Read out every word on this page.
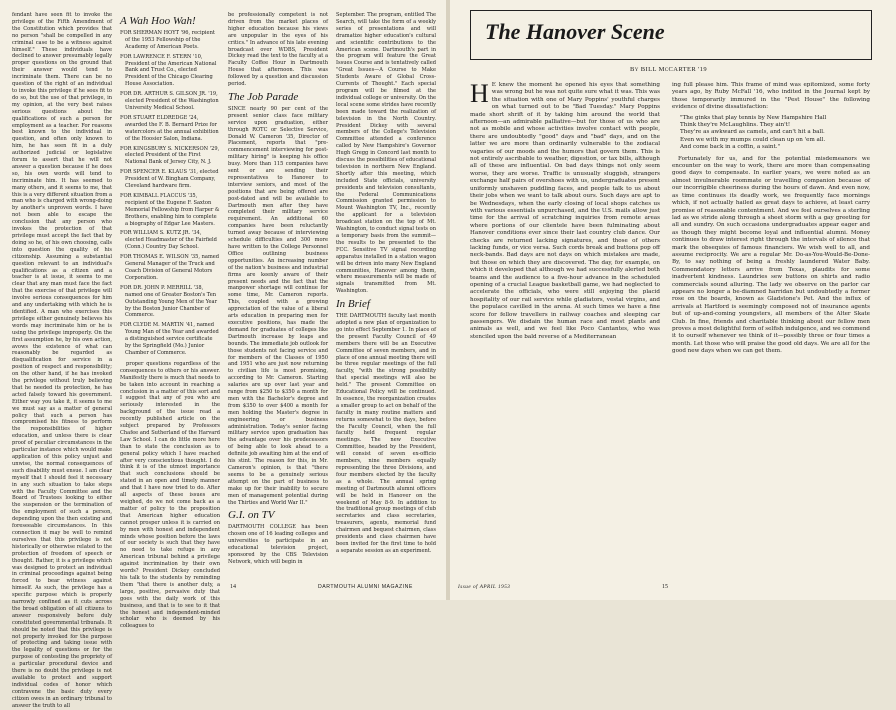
fendant have seen fit to invoke the privilege of the Fifth Amendment of the Constitution which provides that no person "shall be compelled in any criminal case to be a witness against himself." These individuals have declined to answer presumably legally proper questions on the ground that their answer would tend to incriminate them. There can be no question of the right of an individual to invoke this privilege if he sees fit to do so, but the use of that privilege, in my opinion, at the very best raises serious questions about the qualifications of such a person for employment as a teacher. For reasons best known to the individual in question, and often only known to him, he has seen fit in a duly authorized judicial or legislative forum to assert that he will not answer a question because if he does so, his own words will tend to incriminate him. It has seemed to many others, and it seems to me, that this is a very different situation from a man who is charged with wrong-doing by another's unproven words. I have not been able to escape the conclusion that any person who invokes the protection of that privilege must accept the fact that by doing so he, of his own choosing, calls into question the quality of his citizenship. Assuming a substantial question relevant to an individual's qualifications as a citizen and a teacher is at issue, it seems to me clear that any man must face the fact that the exercise of that privilege will involve serious consequences for him and any undertaking with which he is identified. A man who exercises this privilege either genuinely believes his words may incriminate him or he is using the privilege improperly. On the first assumption he, by his own action, avows the existence of what can reasonably be regarded as disqualification for service in a position of respect and responsibility; on the other hand, if he has invoked the privilege without truly believing that he needed its protection, he has acted falsely toward his government. Either way you take it, it seems to me we must say as a matter of general policy that such a person has compromised his fitness to perform the responsibilities of higher education, and unless there is clear proof of peculiar circumstances in the particular instance which would make application of this policy unjust and unwise, the normal consequences of such disability must ensue. I am clear myself that I should feel it necessary in any such situation to take steps with the Faculty Committee and the Board of Trustees looking to either the suspension or the termination of the employment of such a person, depending upon the then existing and foreseeable circumstances. In this connection it may be well to remind ourselves that this privilege is not historically or otherwise related to the protection of freedom of speech or thought. Rather, it is a privilege which was designed to protect an individual in criminal proceedings against being forced to bear witness against himself. As such, the privilege has a specific purpose which is properly narrowly confined as it cuts across the broad obligation of all citizens to answer responsively before duly constituted governmental tribunals. It should be noted that this privilege is not properly invoked for the purpose of protecting and taking issue with the legality of questions or for the purpose of contesting the propriety of a particular procedural device and there is no doubt the privilege is not available to protect and support individual codes of honor which contravene the basic duty every citizen owes in an ordinary tribunal to answer the truth to all

A Wah Hoo Wah!
FOR SHERMAN HOYT '96, recipient of the 1953 Fellowship of the Academy of American Poets.
FOR LAWRENCE F. STERN '10, President of the American National Bank and Trust Co., elected President of the Chicago Clearing House Association.
FOR DR. ARTHUR S. GILSON JR. '19, elected President of the Washington University Medical School.
FOR STUART ELDREDGE '24, awarded the F. B. Bernard Prize for watercolors at the annual exhibition of the Hoosier Salon, Indiana.
FOR KINGSBURY S. NICKERSON '29, elected President of the First National Bank of Jersey City, N. J.
FOR SPENCER E. KLAUS '31, elected President of W. Bingham Company, Cleveland hardware firm.
FOR KIMBALL FLACCUS '35, recipient of the Eugene F. Saxton Memorial Fellowship from Harper & Brothers, enabling him to complete a biography of Edgar Lee Masters.
FOR WILLIAM S. KUTZ JR. '34, elected Headmaster of the Fairfield (Conn.) Country Day School.
FOR THOMAS E. WILSON '35, named General Manager of the Truck and Coach Division of General Motors Corporation.
FOR DR. JOHN P. MERRILL '38, named one of Greater Boston's Ten Outstanding Young Men of the Year by the Boston Junior Chamber of Commerce.
FOR CLYDE M. MARTIN '41, named Young Man of the Year and awarded a distinguished service certificate by the Springfield (Mo.) Junior Chamber of Commerce.

proper questions regardless of the consequences to others or his answer. Manifestly there is much that needs to be taken into account in reaching a conclusion in a matter of this sort and I suggest that any of you who are seriously interested in the background of the issue read a recently published article on the subject prepared by Professors Chafee and Sutherland of the Harvard Law School. I can do little more here than to state the conclusion as to general policy which I have reached after very conscientious thought. I do think it is of the utmost importance that such conclusions should be stated in an open and timely manner and that I have now tried to do. After all aspects of these issues are weighed, do we not come back as a matter of policy to the proposition that American higher education cannot prosper unless it is carried on by men with honest and independent minds whose position before the laws of our society is such that they have no need to take refuge in any American tribunal behind a privilege against incrimination by their own words? President Dickey concluded his talk to the students by reminding them "that there is another duty, a large, positive, pervasive duty that goes with the daily work of this business, and that is to see to it that the honest and independent-minded scholar who is deemed by his colleagues to

be professionally competent is not driven from the market places of higher education because his views are unpopular in the eyes of his critics." In advance of his late evening broadcast over WDBS, President Dickey read the text to the faculty at a Faculty Coffee Hour in Dartmouth House that afternoon. This was followed by a question and discussion period.

The Job Parade

SINCE nearly 90 per cent of the present senior class face military service upon graduation, either through ROTC or Selective Service, Donald W. Cameron '35, Director of Placement, reports that "pre-commencement interviewing for post-military hiring" is keeping his office busy. More than 115 companies have sent or are sending their representatives to Hanover to interview seniors, and most of the positions that are being offered are post-dated and will be available to Dartmouth men after they have completed their military service requirement. An additional 60 companies have been reluctantly turned away because of interviewing schedule difficulties and 300 more have written to the College Personnel Office outlining business opportunities. An increasing number of the nation's business and industrial firms are keenly aware of their present needs and the fact that the manpower shortage will continue for some time, Mr. Cameron reports. This, coupled with a growing appreciation of the value of a liberal arts education in preparing men for executive positions, has made the demand for graduates of colleges like Dartmouth increase by leaps and bounds. The immediate job outlook for those students not facing service and for members of the Classes of 1950 and 1951 who are just now returning to civilian life is most promising, according to Mr. Cameron. Starting salaries are up over last year and range from $250 to $350 a month for men with the Bachelor's degree and from $350 to over $400 a month for men holding the Master's degree in engineering or business administration. Today's senior facing military service upon graduation has the advantage over his predecessors of being able to look ahead to a definite job awaiting him at the end of his stint. The reason for this, in Mr. Cameron's opinion, is that "there seems to be a genuinely serious attempt on the part of business to make up for their inability to secure men of management potential during the Thirties and World War II."

G.I. on TV

DARTMOUTH COLLEGE has been chosen one of 16 leading colleges and universities to participate in an educational television project, sponsored by the CBS Television Network, which will begin in

September. The program, entitled The Search, will take the form of a weekly series of presentations and will dramatize higher education's cultural and scientific contributions to the American scene. Dartmouth's part in the program will feature the Great Issues Course and is tentatively called "Great Issues—A Course to Make Students Aware of Global Cross-Currents of Thought." Each special program will be filmed at the individual college or university. On the local scene some strides have recently been made toward the realization of television in the North Country. President Dickey with several members of the College's Television Committee attended a conference called by New Hampshire's Governor Hugh Gregg in Concord last month to discuss the possibilities of educational television in northern New England. Shortly after this meeting, which included State officials, university presidents and television consultants, the Federal Communications Commission granted permission to Mount Washington TV, Inc., recently the applicant for a television broadcast station on the top of Mt. Washington, to conduct signal tests on a temporary basis from the summit—the results to be presented to the FCC. Sensitive TV signal recording apparatus installed in a station wagon will be driven into many New England communities, Hanover among them, where measurements will be made of signals transmitted from Mt. Washington.

In Brief

THE DARTMOUTH faculty last month adopted a new plan of organization to go into effect September 1. In place of the present Faculty Council of 49 members there will be an Executive Committee of seven members, and in place of one annual meeting there will be three regular meetings of the full faculty, "with the strong possibility that special meetings will also be held." The present Committee on Educational Policy will be continued. In essence, the reorganization creates a smaller group to act on behalf of the faculty in many routine matters and returns somewhat to the days, before the Faculty Council, when the full faculty held frequent regular meetings. The new Executive Committee, headed by the President, will consist of seven ex-officio members, nine members equally representing the three Divisions, and four members elected by the faculty as a whole. The annual spring meeting of Dartmouth alumni officers will be held in Hanover on the weekend of May 8-9. In addition to the traditional group meetings of club secretaries and class secretaries, treasurers, agents, memorial fund chairmen and bequest chairmen, class presidents and class chairmen have been invited for the first time to hold a separate session as an experiment.

14	DARTMOUTH ALUMNI MAGAZINE	Issue of APRIL 1953
The Hanover Scene
By BILL McCARTER '19

H E knew the moment he opened his eyes that something was wrong but he was not quite sure what it was. This was the situation with one of Mary Poppins' youthful charges on what turned out to be "Bad Tuesday." Mary Poppins made short shrift of it by taking him around the world that afternoon—an admirable palliative—but for those of us who are not as mobile and whose activities involve contact with people, there are undoubtedly "good" days and "bad" days, and on the latter we are more than ordinarily vulnerable to the zodiacal vagaries of our moods and the humors that govern them. This is not entirely ascribable to weather, digestion, or tax bills, although all of these are influential. On bad days things not only seem worse, they are worse. Traffic is unusually sluggish, strangers exchange half pairs of overshoes with us, undergraduates present uniformly unshaven puddling faces, and people talk to us about their jobs when we want to talk about ours. Such days are apt to be Wednesdays, when the early closing of local shops catches us with various essentials unpurchased, and the U.S. mails allow just time for the arrival of scratching inquiries from remote areas where portions of our clientele have been fulminating about Hanover conditions ever since their last country club dance. Our checks are returned lacking signatures, and those of others lacking funds, or vice versa. Such cords break and buttons pop off neck-bands. Bad days are not days on which mistakes are made, but those on which they are discovered. The day, for example, on which it developed that although we had successfully alerted both teams and the audience to a five-hour advance in the scheduled opening of a crucial League basketball game, we had neglected to accelerate the officials, who were still enjoying the placid hospitality of our rail service while gladiators, vestal virgins, and the populace cavilled in the arena. At such times we have a fine score for fellow travellers in railway coaches and sleeping car passengers. We disdain the human race and most plants and animals as well, and we feel like Poco Cantantes, who was stenciled upon the bald reverse of a Mediterranean

ing full please him. This frame of mind was epitomized, some forty years ago, by Ruby McFall '16, who indited in the Journal kept by those temporarily immured in the "Pest House" the following evidence of divine dissatisfaction:

"The ginks that play tennis by New Hampshire Hall
Think they're McLaughlins. They ain't!
They're as awkward as camels, and can't hit a ball.
Even we with my mumps could clean up on 'em all.
And come back in a coffin, a saint."

Fortunately for us, and for the potential misdemeanors we encounter on the way to work, there are more than compensating good days to compensate. In earlier years, we were noted as an almost invulnerable roommate or travelling companion because of our incorrigible cheeriness during the hours of dawn. And even now, as time continues its deadly work, we frequently face mornings which, if not actually hailed as great days to achieve, at least carry promise of reasonable contentment. And we feel ourselves a sterling lad as we stride along through a sheet storm with a gay greeting for all and sundry. On such occasions undergraduates appear eager and as though they might become loyal and influential alumni. Money continues to draw interest right through the intervals of silence that mark the obsequies of famous financiers. We wish well to all, and assume reciprocity. We are a regular Mr. Do-as-You-Would-Be-Done-By, to say nothing of being a freshly laundered Water Baby. Commendatory letters arrive from Texas, plaudits for some inadvertent kindness. Laundries sew buttons on shirts and radio commercials sound alluring. The lady we observe on the parlor car appears no longer a be-diamned harridan but undoubtedly a former rose on the boards, known as Gladstone's Pet. And the influx of arrivals at Hartford is seemingly composed not of insurance agents but of up-and-coming youngsters, all members of the Alter Skate Club. In fine, friends and charitable thinking about our fellow men proves a most delightful form of selfish indulgence, and we commend it to ourself whenever we think of it—possibly three or four times a month. Let those who will praise the good old days. We are all for the good new days when we can get them.

15
